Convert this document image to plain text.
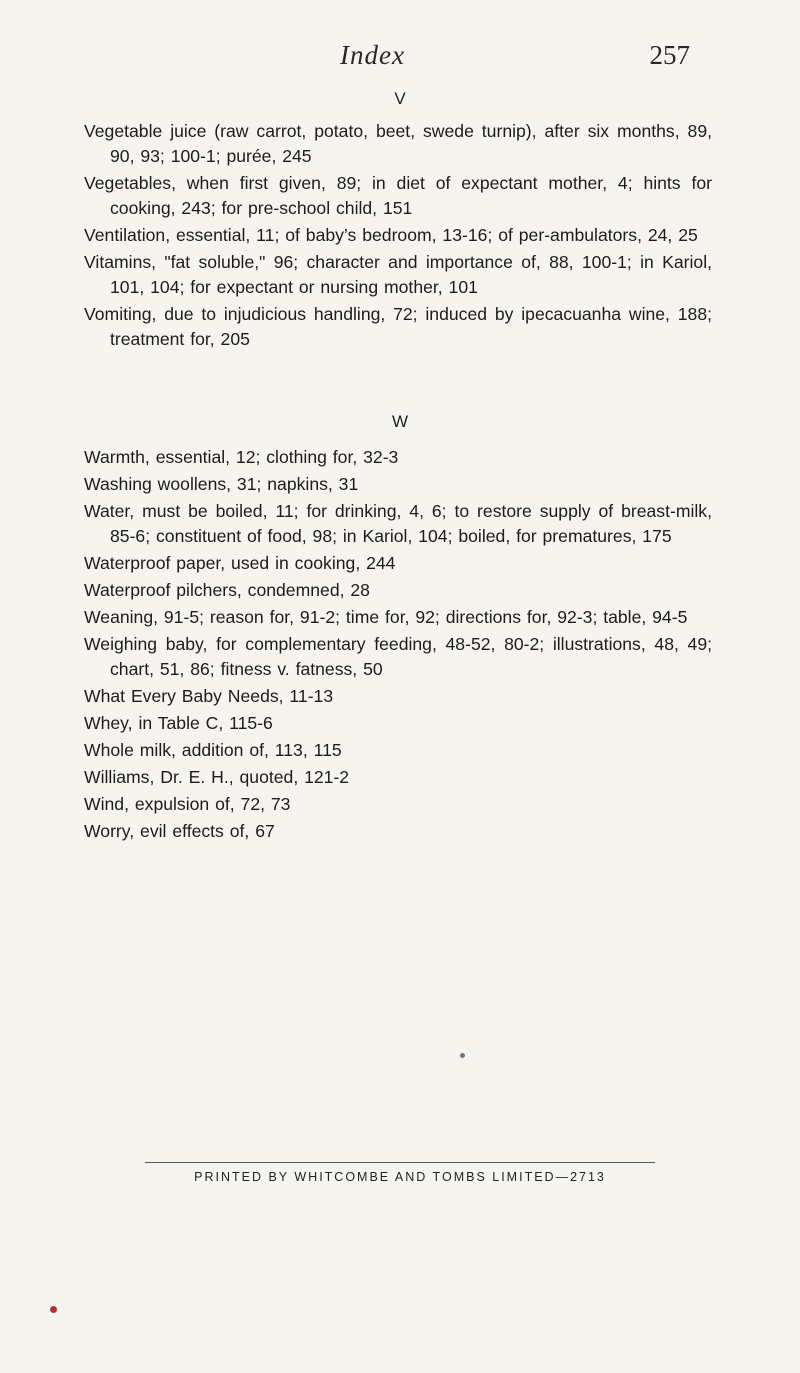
Index	257
V
Vegetable juice (raw carrot, potato, beet, swede turnip), after six months, 89, 90, 93; 100-1; purée, 245
Vegetables, when first given, 89; in diet of expectant mother, 4; hints for cooking, 243; for pre-school child, 151
Ventilation, essential, 11; of baby’s bedroom, 13-16; of per-ambulators, 24, 25
Vitamins, "fat soluble," 96; character and importance of, 88, 100-1; in Kariol, 101, 104; for expectant or nursing mother, 101
Vomiting, due to injudicious handling, 72; induced by ipecacuanha wine, 188; treatment for, 205
W
Warmth, essential, 12; clothing for, 32-3
Washing woollens, 31; napkins, 31
Water, must be boiled, 11; for drinking, 4, 6; to restore supply of breast-milk, 85-6; constituent of food, 98; in Kariol, 104; boiled, for prematures, 175
Waterproof paper, used in cooking, 244
Waterproof pilchers, condemned, 28
Weaning, 91-5; reason for, 91-2; time for, 92; directions for, 92-3; table, 94-5
Weighing baby, for complementary feeding, 48-52, 80-2; illustrations, 48, 49; chart, 51, 86; fitness v. fatness, 50
What Every Baby Needs, 11-13
Whey, in Table C, 115-6
Whole milk, addition of, 113, 115
Williams, Dr. E. H., quoted, 121-2
Wind, expulsion of, 72, 73
Worry, evil effects of, 67
PRINTED BY WHITCOMBE AND TOMBS LIMITED—2713
